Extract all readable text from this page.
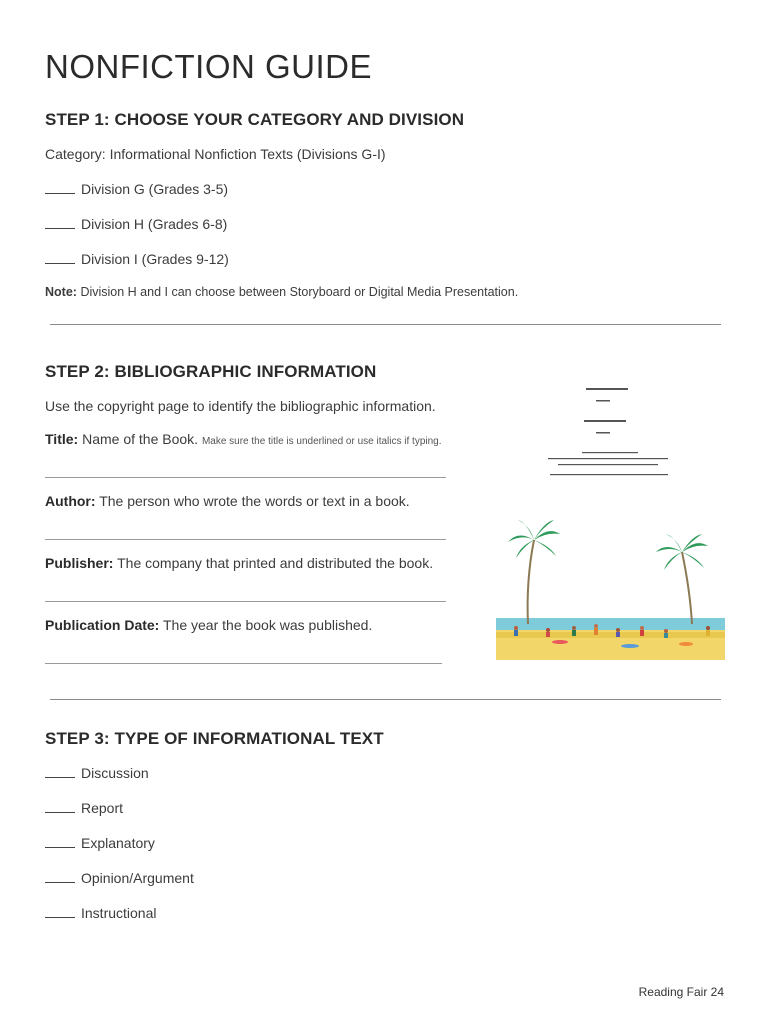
NONFICTION GUIDE
STEP 1: CHOOSE YOUR CATEGORY AND DIVISION
Category: Informational Nonfiction Texts (Divisions G-I)
Division G (Grades 3-5)
Division H (Grades 6-8)
Division I (Grades 9-12)
Note: Division H and I can choose between Storyboard or Digital Media Presentation.
STEP 2: BIBLIOGRAPHIC INFORMATION
Use the copyright page to identify the bibliographic information.
Title: Name of the Book. Make sure the title is underlined or use italics if typing.
Author: The person who wrote the words or text in a book.
Publisher: The company that printed and distributed the book.
Publication Date: The year the book was published.
STEP 3: TYPE OF INFORMATIONAL TEXT
Discussion
Report
Explanatory
Opinion/Argument
Instructional
Reading Fair 24
